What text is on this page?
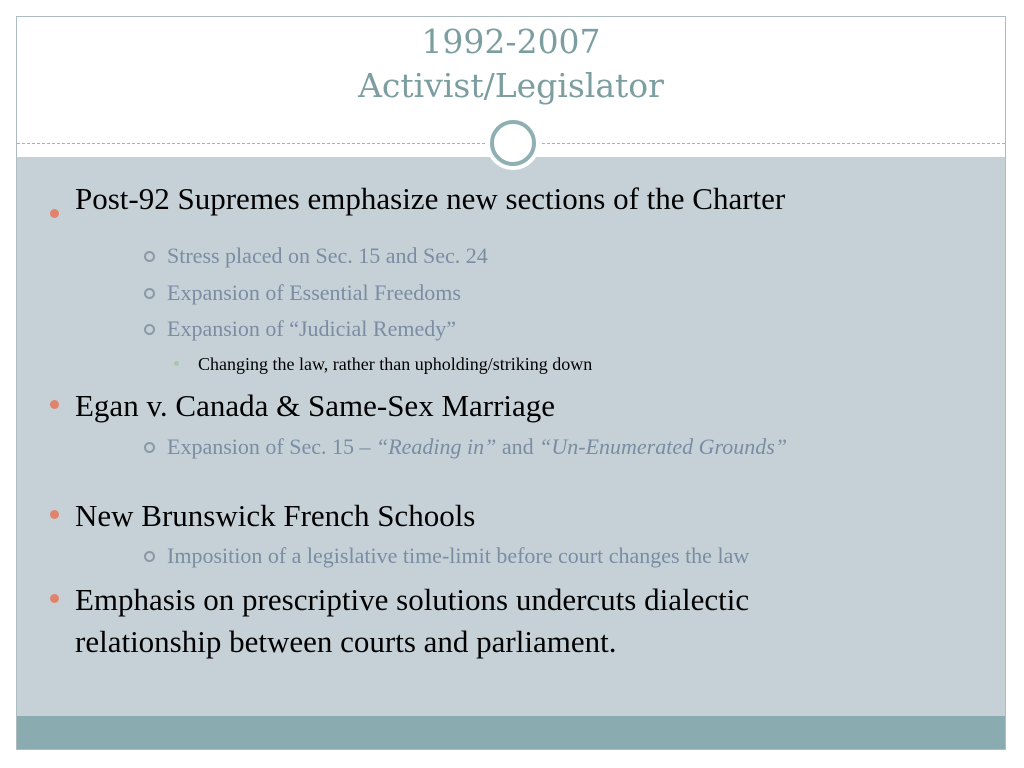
1992-2007
Activist/Legislator
Post-92 Supremes emphasize new sections of the Charter
Stress placed on Sec. 15 and Sec. 24
Expansion of Essential Freedoms
Expansion of “Judicial Remedy”
Changing the law, rather than upholding/striking down
Egan v. Canada & Same-Sex Marriage
Expansion of Sec. 15 – “Reading in” and “Un-Enumerated Grounds”
New Brunswick French Schools
Imposition of a legislative time-limit before court changes the law
Emphasis on prescriptive solutions undercuts dialectic
relationship between courts and parliament.
